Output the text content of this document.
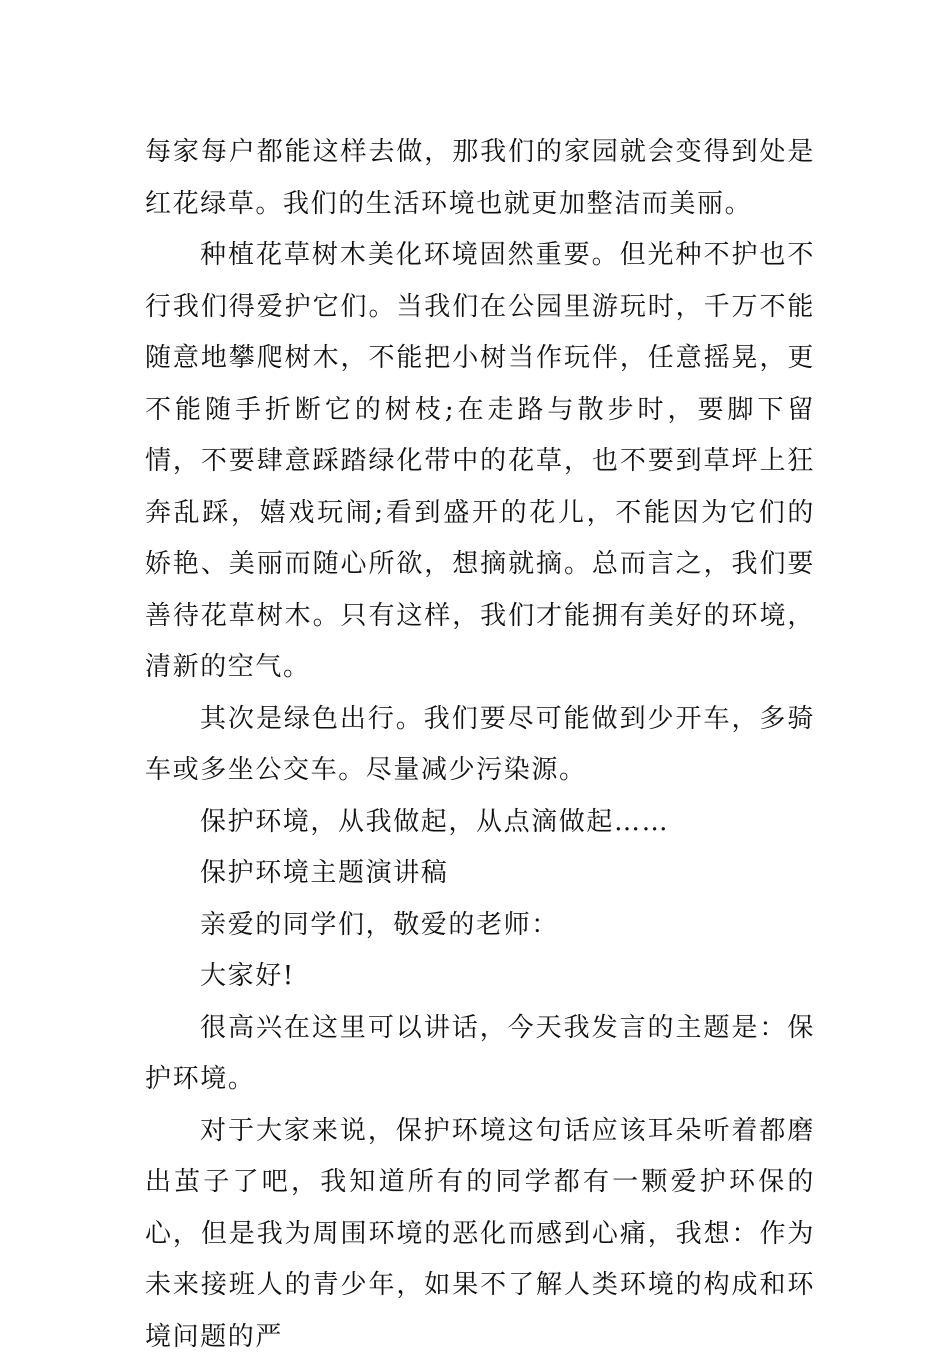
每家每户都能这样去做，那我们的家园就会变得到处是红花绿草。我们的生活环境也就更加整洁而美丽。

种植花草树木美化环境固然重要。但光种不护也不行我们得爱护它们。当我们在公园里游玩时，千万不能随意地攀爬树木，不能把小树当作玩伴，任意摇晃，更不能随手折断它的树枝;在走路与散步时，要脚下留情，不要肆意踩踏绿化带中的花草，也不要到草坪上狂奔乱踩，嬉戏玩闹;看到盛开的花儿，不能因为它们的娇艳、美丽而随心所欲，想摘就摘。总而言之，我们要善待花草树木。只有这样，我们才能拥有美好的环境，清新的空气。

其次是绿色出行。我们要尽可能做到少开车，多骑车或多坐公交车。尽量减少污染源。

保护环境，从我做起，从点滴做起……

保护环境主题演讲稿

亲爱的同学们，敬爱的老师：

大家好!

很高兴在这里可以讲话，今天我发言的主题是：保护环境。

对于大家来说，保护环境这句话应该耳朵听着都磨出茧子了吧，我知道所有的同学都有一颗爱护环保的心，但是我为周围环境的恶化而感到心痛，我想：作为未来接班人的青少年，如果不了解人类环境的构成和环境问题的严
